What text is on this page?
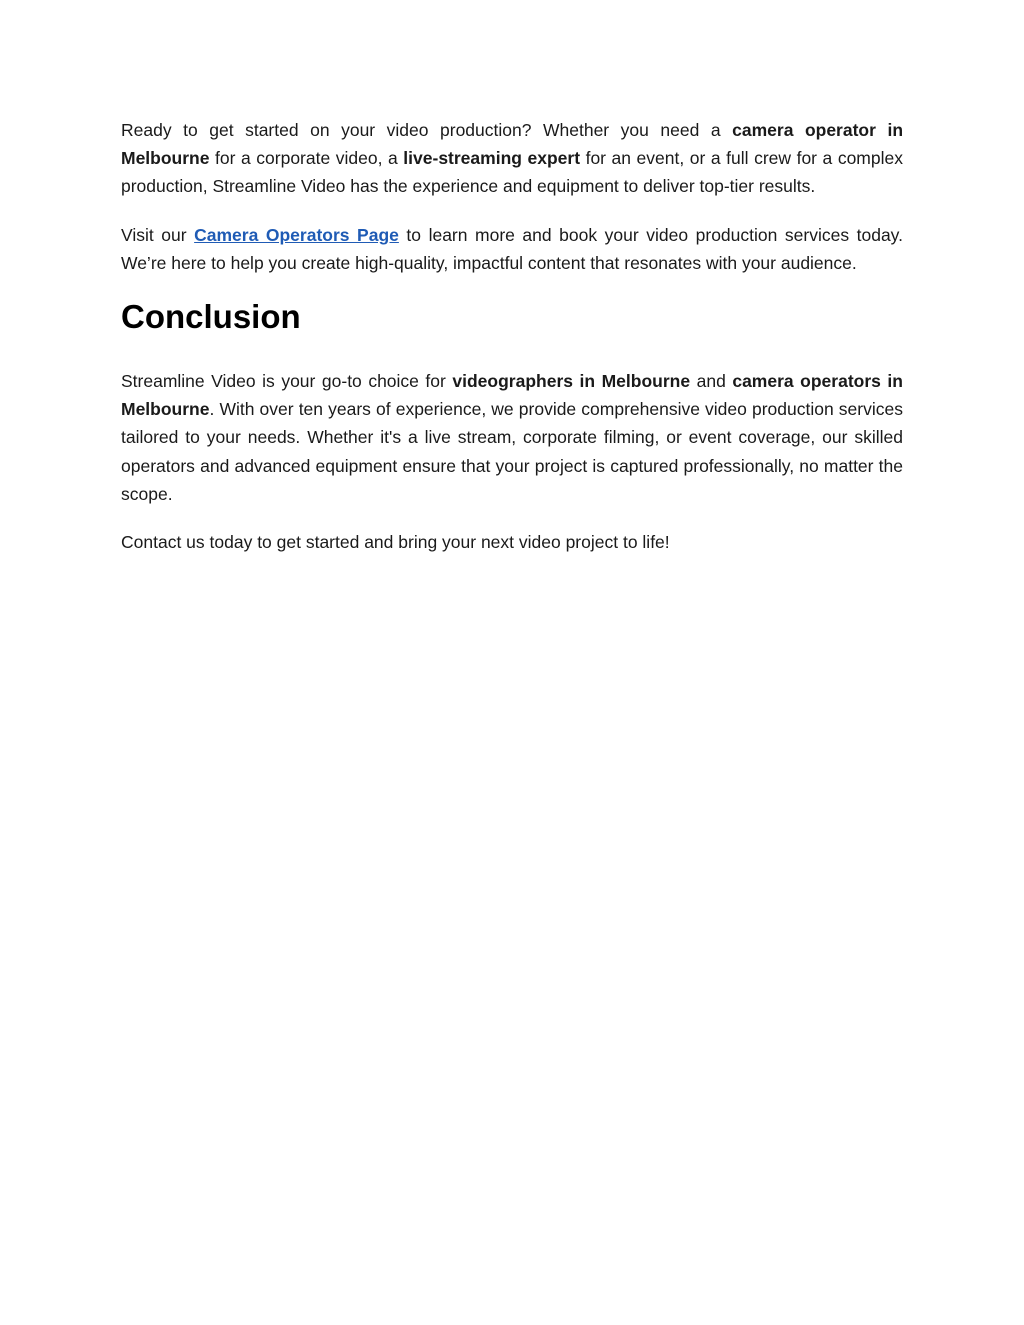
Ready to get started on your video production? Whether you need a camera operator in Melbourne for a corporate video, a live-streaming expert for an event, or a full crew for a complex production, Streamline Video has the experience and equipment to deliver top-tier results.

Visit our Camera Operators Page to learn more and book your video production services today. We’re here to help you create high-quality, impactful content that resonates with your audience.

Conclusion

Streamline Video is your go-to choice for videographers in Melbourne and camera operators in Melbourne. With over ten years of experience, we provide comprehensive video production services tailored to your needs. Whether it's a live stream, corporate filming, or event coverage, our skilled operators and advanced equipment ensure that your project is captured professionally, no matter the scope.

Contact us today to get started and bring your next video project to life!
